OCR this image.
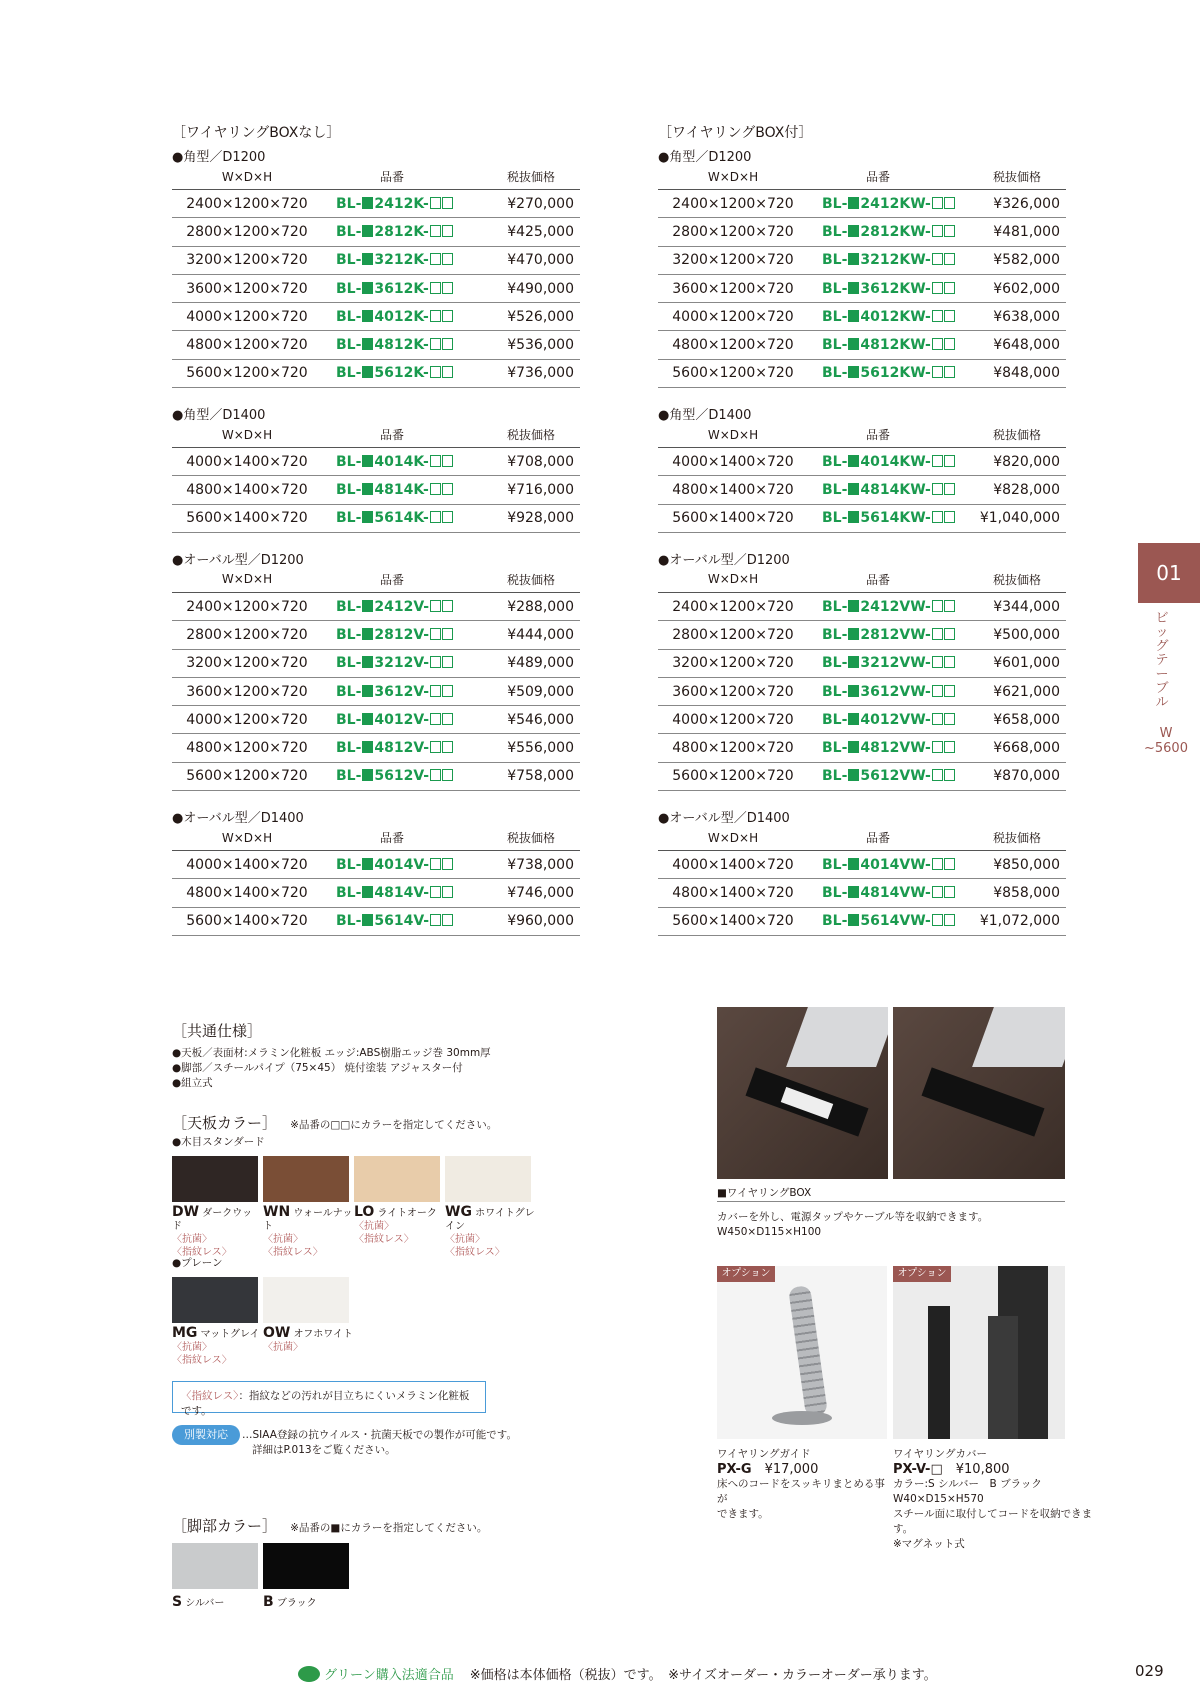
［ワイヤリングBOXなし］
●角型／D1200
W×D×H	品番	税抜価格
2400×1200×720	BL- 2412K-	¥270,000
2800×1200×720	BL- 2812K-	¥425,000
3200×1200×720	BL- 3212K-	¥470,000
3600×1200×720	BL- 3612K-	¥490,000
4000×1200×720	BL- 4012K-	¥526,000
4800×1200×720	BL- 4812K-	¥536,000
5600×1200×720	BL- 5612K-	¥736,000
●角型／D1400
W×D×H	品番	税抜価格
4000×1400×720	BL- 4014K-	¥708,000
4800×1400×720	BL- 4814K-	¥716,000
5600×1400×720	BL- 5614K-	¥928,000
●オーバル型／D1200
W×D×H	品番	税抜価格
2400×1200×720	BL- 2412V-	¥288,000
2800×1200×720	BL- 2812V-	¥444,000
3200×1200×720	BL- 3212V-	¥489,000
3600×1200×720	BL- 3612V-	¥509,000
4000×1200×720	BL- 4012V-	¥546,000
4800×1200×720	BL- 4812V-	¥556,000
5600×1200×720	BL- 5612V-	¥758,000
●オーバル型／D1400
W×D×H	品番	税抜価格
4000×1400×720	BL- 4014V-	¥738,000
4800×1400×720	BL- 4814V-	¥746,000
5600×1400×720	BL- 5614V-	¥960,000
［ワイヤリングBOX付］
●角型／D1200
W×D×H	品番	税抜価格
2400×1200×720	BL- 2412KW-	¥326,000
2800×1200×720	BL- 2812KW-	¥481,000
3200×1200×720	BL- 3212KW-	¥582,000
3600×1200×720	BL- 3612KW-	¥602,000
4000×1200×720	BL- 4012KW-	¥638,000
4800×1200×720	BL- 4812KW-	¥648,000
5600×1200×720	BL- 5612KW-	¥848,000
●角型／D1400
W×D×H	品番	税抜価格
4000×1400×720	BL- 4014KW-	¥820,000
4800×1400×720	BL- 4814KW-	¥828,000
5600×1400×720	BL- 5614KW-	¥1,040,000
●オーバル型／D1200
W×D×H	品番	税抜価格
2400×1200×720	BL- 2412VW-	¥344,000
2800×1200×720	BL- 2812VW-	¥500,000
3200×1200×720	BL- 3212VW-	¥601,000
3600×1200×720	BL- 3612VW-	¥621,000
4000×1200×720	BL- 4012VW-	¥658,000
4800×1200×720	BL- 4812VW-	¥668,000
5600×1200×720	BL- 5612VW-	¥870,000
●オーバル型／D1400
W×D×H	品番	税抜価格
4000×1400×720	BL- 4014VW-	¥850,000
4800×1400×720	BL- 4814VW-	¥858,000
5600×1400×720	BL- 5614VW-	¥1,072,000
01
ビッグテーブル
W
~5600
［共通仕様］
●天板／表面材:メラミン化粧板 エッジ:ABS樹脂エッジ巻 30mm厚
●脚部／スチールパイプ（75×45） 焼付塗装 アジャスター付
●組立式
［天板カラー］ ※品番の□□にカラーを指定してください。
●木目スタンダード
DW ダークウッド
〈抗菌〉
〈指紋レス〉
WN ウォールナット
〈抗菌〉
〈指紋レス〉
LO ライトオーク
〈抗菌〉
〈指紋レス〉
WG ホワイトグレイン
〈抗菌〉
〈指紋レス〉
●プレーン
MG マットグレイ
〈抗菌〉
〈指紋レス〉
OW オフホワイト
〈抗菌〉
〈指紋レス〉：指紋などの汚れが目立ちにくいメラミン化粧板です。
別製対応	…SIAA登録の抗ウイルス・抗菌天板での製作が可能です。
詳細はP.013をご覧ください。
［脚部カラー］ ※品番の■にカラーを指定してください。
S シルバー	B ブラック
■ワイヤリングBOX
カバーを外し、電源タップやケーブル等を収納できます。
W450×D115×H100
オプション	オプション
ワイヤリングガイド
PX-G　 ¥17,000
床へのコードをスッキリまとめる事が
できます。
ワイヤリングカバー
PX-V-□　 ¥10,800
カラー:S シルバー　B ブラック
W40×D15×H570
スチール面に取付してコードを収納できます。
※マグネット式
グリーン購入法適合品 ※価格は本体価格（税抜）です。　※サイズオーダー・カラーオーダー承ります。	029
